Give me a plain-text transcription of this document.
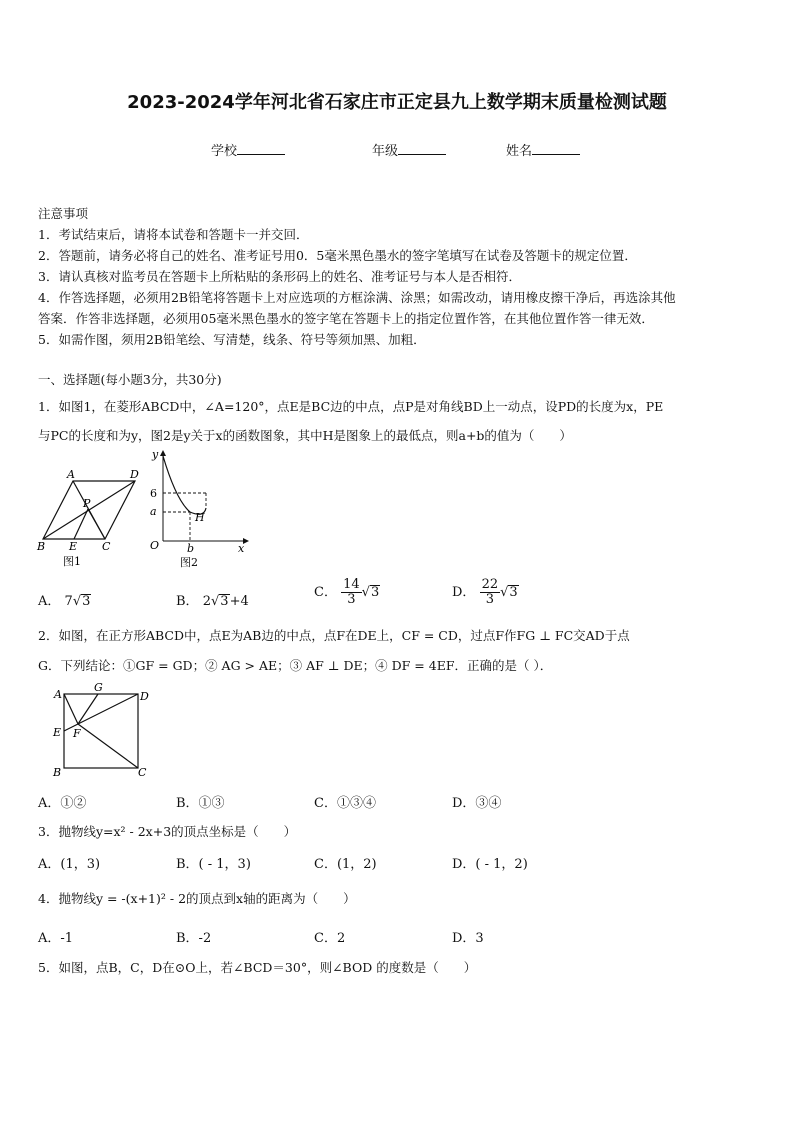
2023-2024学年河北省石家庄市正定县九上数学期末质量检测试题
学校	年级	姓名
注意事项
1．考试结束后，请将本试卷和答题卡一并交回．
2．答题前，请务必将自己的姓名、准考证号用0．5毫米黑色墨水的签字笔填写在试卷及答题卡的规定位置．
3．请认真核对监考员在答题卡上所粘贴的条形码上的姓名、准考证号与本人是否相符．
4．作答选择题，必须用2B铅笔将答题卡上对应选项的方框涂满、涂黑；如需改动，请用橡皮擦干净后，再选涂其他
答案．作答非选择题，必须用05毫米黑色墨水的签字笔在答题卡上的指定位置作答，在其他位置作答一律无效．
5．如需作图，须用2B铅笔绘、写清楚，线条、符号等须加黑、加粗．
一、选择题(每小题3分，共30分)
1．如图1，在菱形ABCD中，∠A=120°，点E是BC边的中点，点P是对角线BD上一动点，设PD的长度为x，PE
与PC的长度和为y，图2是y关于x的函数图象，其中H是图象上的最低点，则a+b的值为（　　）
A	D
P
B E C
图1
y
6
a	H
O	b	x
图2
A． 7√3	B． 2√3+4
C． $\frac{14}{3} √3$	D． $\frac{22}{3} √3$
2．如图，在正方形ABCD中，点E为AB边的中点，点F在DE上，CF = CD，过点F作FG ⊥ FC交AD于点
G．下列结论：①GF = GD；② AG > AE；③ AF ⊥ DE；④ DF = 4EF．正确的是（ ）．
A
G
D
E F
B	C
A．①②	B．①③	C．①③④	D．③④
3．抛物线y=x² - 2x+3的顶点坐标是（　　）
A．(1，3)	B．( - 1，3)	C．(1，2)	D．( - 1，2)
4．抛物线y = -(x+1)² - 2的顶点到x轴的距离为（　　）
A．-1	B．-2	C．2	D．3
5．如图，点B，C，D在⊙O上，若∠BCD＝30°，则∠BOD 的度数是（　　）
